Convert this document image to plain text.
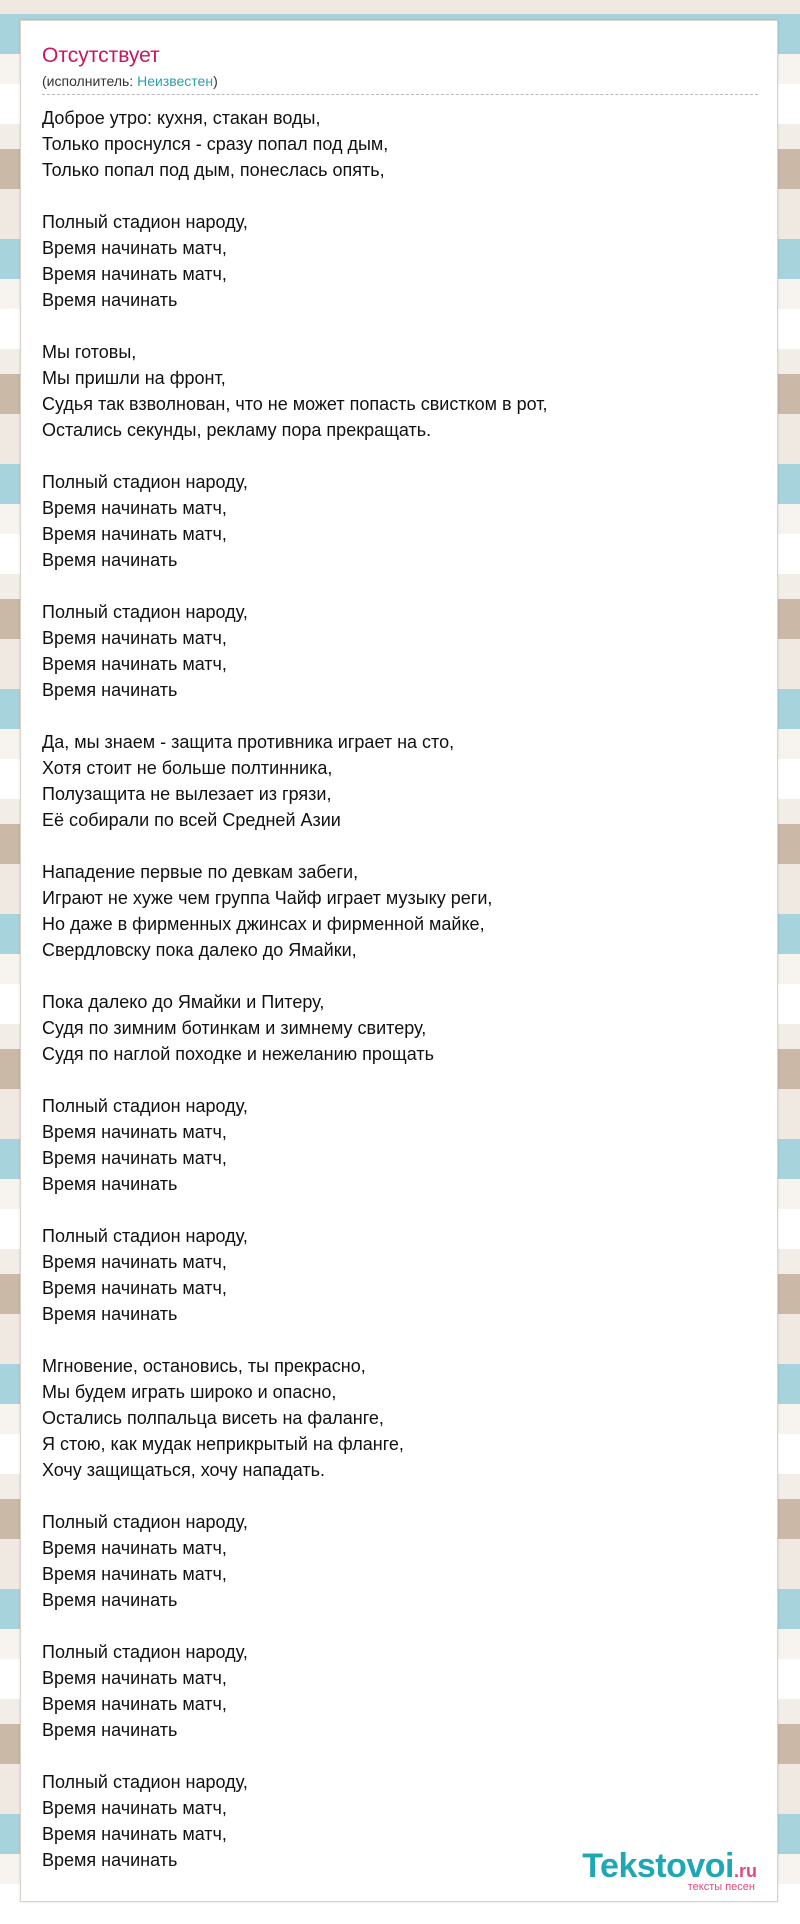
Отсутствует
(исполнитель: Неизвестен)
Доброе утро: кухня, стакан воды,
Только проснулся - сразу попал под дым,
Только попал под дым, понеслась опять,
Полный стадион народу,
Время начинать матч,
Время начинать матч,
Время начинать
Мы готовы,
Мы пришли на фронт,
Судья так взволнован, что не может попасть свистком в рот,
Остались секунды, рекламу пора прекращать.
Полный стадион народу,
Время начинать матч,
Время начинать матч,
Время начинать
Полный стадион народу,
Время начинать матч,
Время начинать матч,
Время начинать
Да, мы знаем - защита противника играет на сто,
Хотя стоит не больше полтинника,
Полузащита не вылезает из грязи,
Её собирали по всей Средней Азии
Нападение первые по девкам забеги,
Играют не хуже чем группа Чайф играет музыку реги,
Но даже в фирменных джинсах и фирменной майке,
Свердловску пока далеко до Ямайки,
Пока далеко до Ямайки и Питеру,
Судя по зимним ботинкам и зимнему свитеру,
Судя по наглой походке и нежеланию прощать
Полный стадион народу,
Время начинать матч,
Время начинать матч,
Время начинать
Полный стадион народу,
Время начинать матч,
Время начинать матч,
Время начинать
Мгновение, остановись, ты прекрасно,
Мы будем играть широко и опасно,
Остались полпальца висеть на фаланге,
Я стою, как мудак неприкрытый на фланге,
Хочу защищаться, хочу нападать.
Полный стадион народу,
Время начинать матч,
Время начинать матч,
Время начинать
Полный стадион народу,
Время начинать матч,
Время начинать матч,
Время начинать
Полный стадион народу,
Время начинать матч,
Время начинать матч,
Время начинать	Tekstovoi.ru
тексты песен
